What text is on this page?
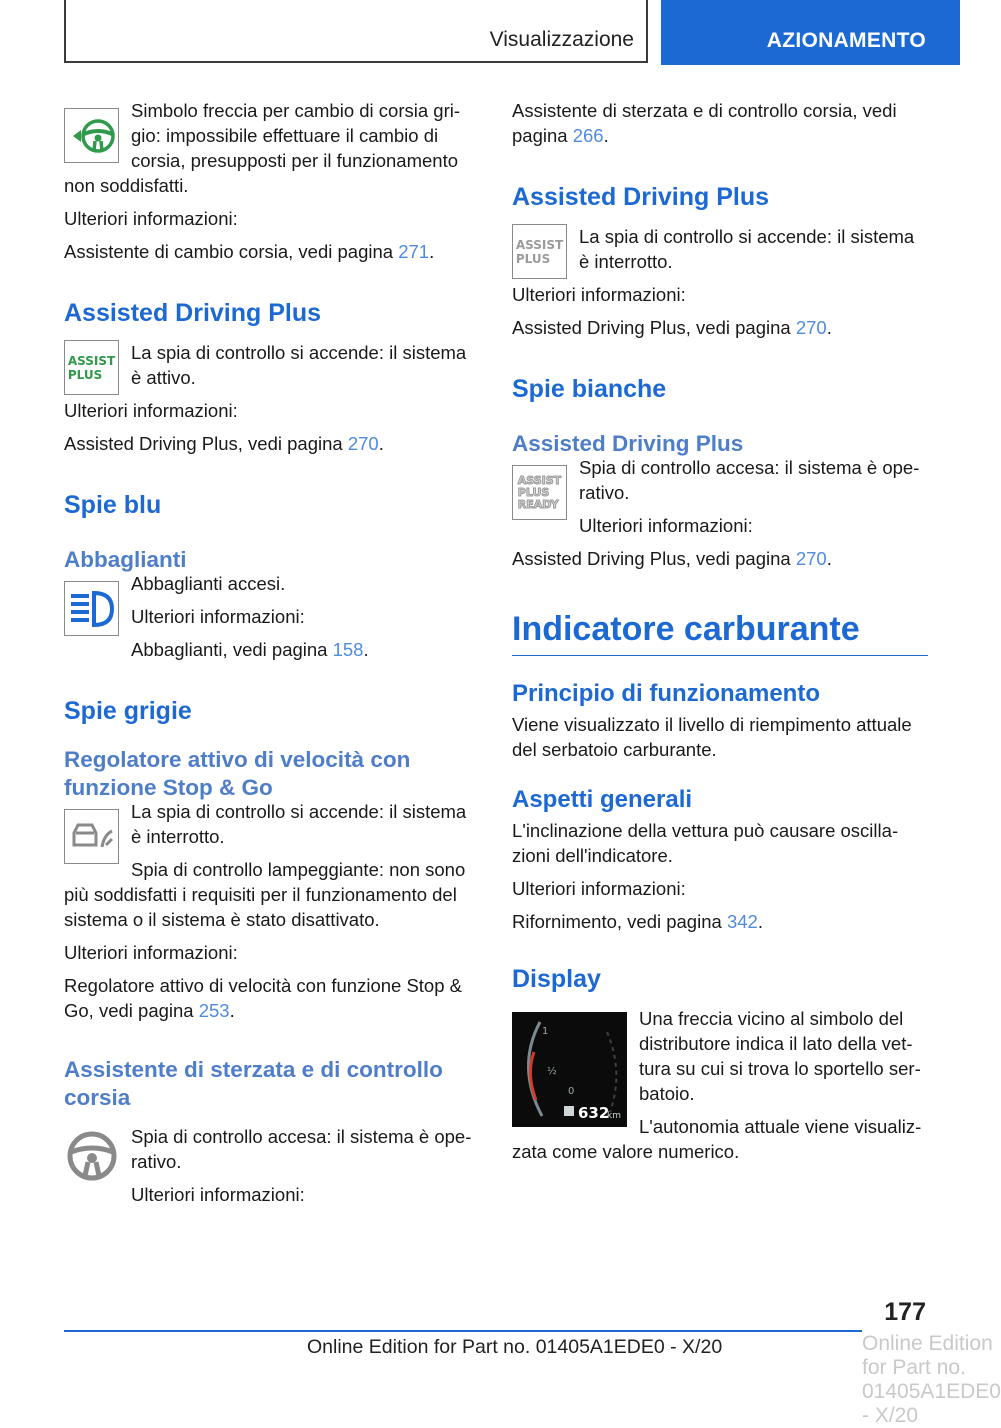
Visualizzazione	AZIONAMENTO

Simbolo freccia per cambio di corsia grigio: impossibile effettuare il cambio di corsia, presupposti per il funzionamento non soddisfatti.

Ulteriori informazioni:

Assistente di cambio corsia, vedi pagina 271.

Assisted Driving Plus
ASSIST
PLUS

La spia di controllo si accende: il sistema è attivo.

Ulteriori informazioni:

Assisted Driving Plus, vedi pagina 270.

Spie blu
Abbaglianti

Abbaglianti accesi.

Ulteriori informazioni:

Abbaglianti, vedi pagina 158.

Spie grigie
Regolatore attivo di velocità con funzione Stop & Go

La spia di controllo si accende: il sistema è interrotto.

Spia di controllo lampeggiante: non sono più soddisfatti i requisiti per il funzionamento del sistema o il sistema è stato disattivato.

Ulteriori informazioni:

Regolatore attivo di velocità con funzione Stop & Go, vedi pagina 253.

Assistente di sterzata e di controllo corsia

Spia di controllo accesa: il sistema è operativo.

Ulteriori informazioni:

Assistente di sterzata e di controllo corsia, vedi pagina 266.

Assisted Driving Plus
ASSIST
PLUS

La spia di controllo si accende: il sistema è interrotto.

Ulteriori informazioni:

Assisted Driving Plus, vedi pagina 270.

Spie bianche
Assisted Driving Plus
ASSIST
PLUS
READY

Spia di controllo accesa: il sistema è operativo.

Ulteriori informazioni:

Assisted Driving Plus, vedi pagina 270.

Indicatore carburante
Principio di funzionamento

Viene visualizzato il livello di riempimento attuale del serbatoio carburante.

Aspetti generali

L'inclinazione della vettura può causare oscillazioni dell'indicatore.

Ulteriori informazioni:

Rifornimento, vedi pagina 342.

Display
1
½
0
632
km

Una freccia vicino al simbolo del distributore indica il lato della vettura su cui si trova lo sportello serbatoio.

L'autonomia attuale viene visualizzata come valore numerico.

177
Online Edition for Part no. 01405A1EDE0 - X/20	Online Edition for Part no. 01405A1EDE0 - X/20
